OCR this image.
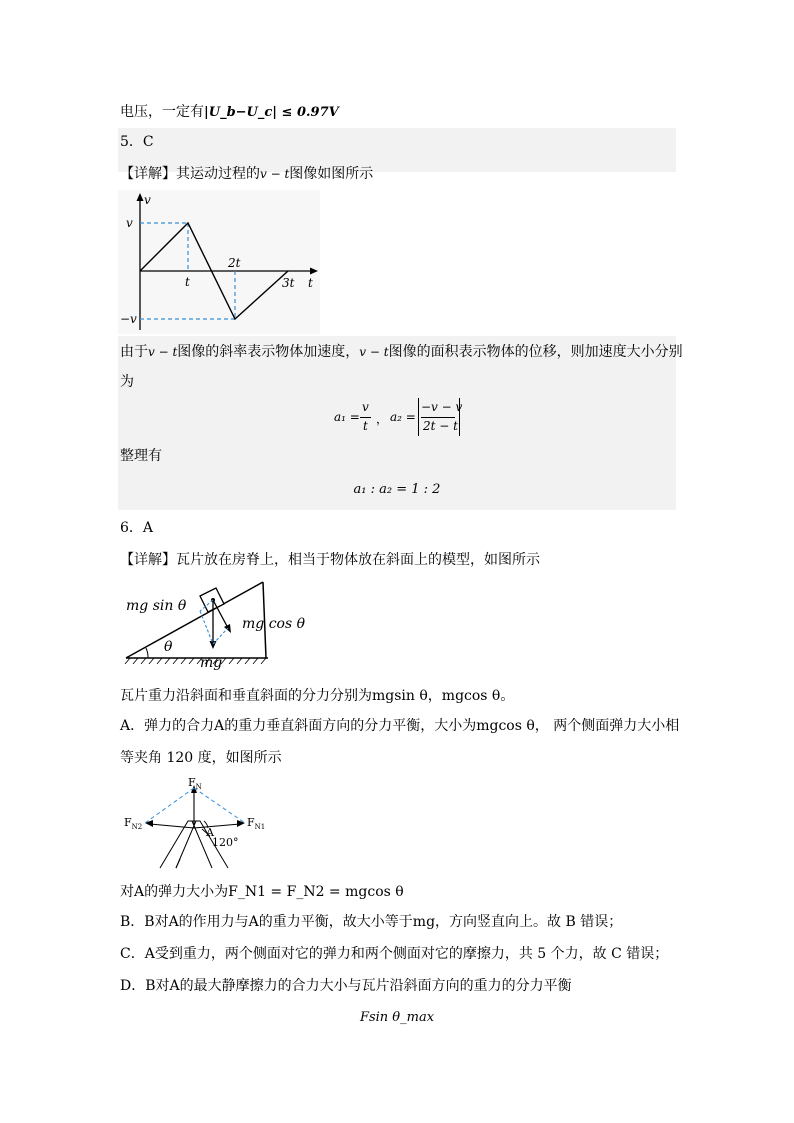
电压，一定有|U_b−U_c| ≤ 0.97V
5．C
【详解】其运动过程的v − t图像如图所示
v
t
v
−v
t
2t
3t
由于v − t图像的斜率表示物体加速度，v − t图像的面积表示物体的位移，则加速度大小分别
为
a₁ =
v
t ， a₂ =
−v − v
2t − t
整理有
a₁ : a₂ = 1 : 2
6．A
【详解】瓦片放在房脊上，相当于物体放在斜面上的模型，如图所示
mg sin θ
mg cos θ
θ
mg
瓦片重力沿斜面和垂直斜面的分力分别为mgsin θ，mgcos θ。
A．弹力的合力A的重力垂直斜面方向的分力平衡，大小为mgcos θ， 两个侧面弹力大小相
等夹角 120 度，如图所示
$F_N$
$F_{N2}$	$F_{N1}$
A
120°
对A的弹力大小为F_N1 = F_N2 = mgcos θ
B．B对A的作用力与A的重力平衡，故大小等于mg，方向竖直向上。故 B 错误；
C．A受到重力，两个侧面对它的弹力和两个侧面对它的摩擦力，共 5 个力，故 C 错误；
D．B对A的最大静摩擦力的合力大小与瓦片沿斜面方向的重力的分力平衡
Fsin θ_max
